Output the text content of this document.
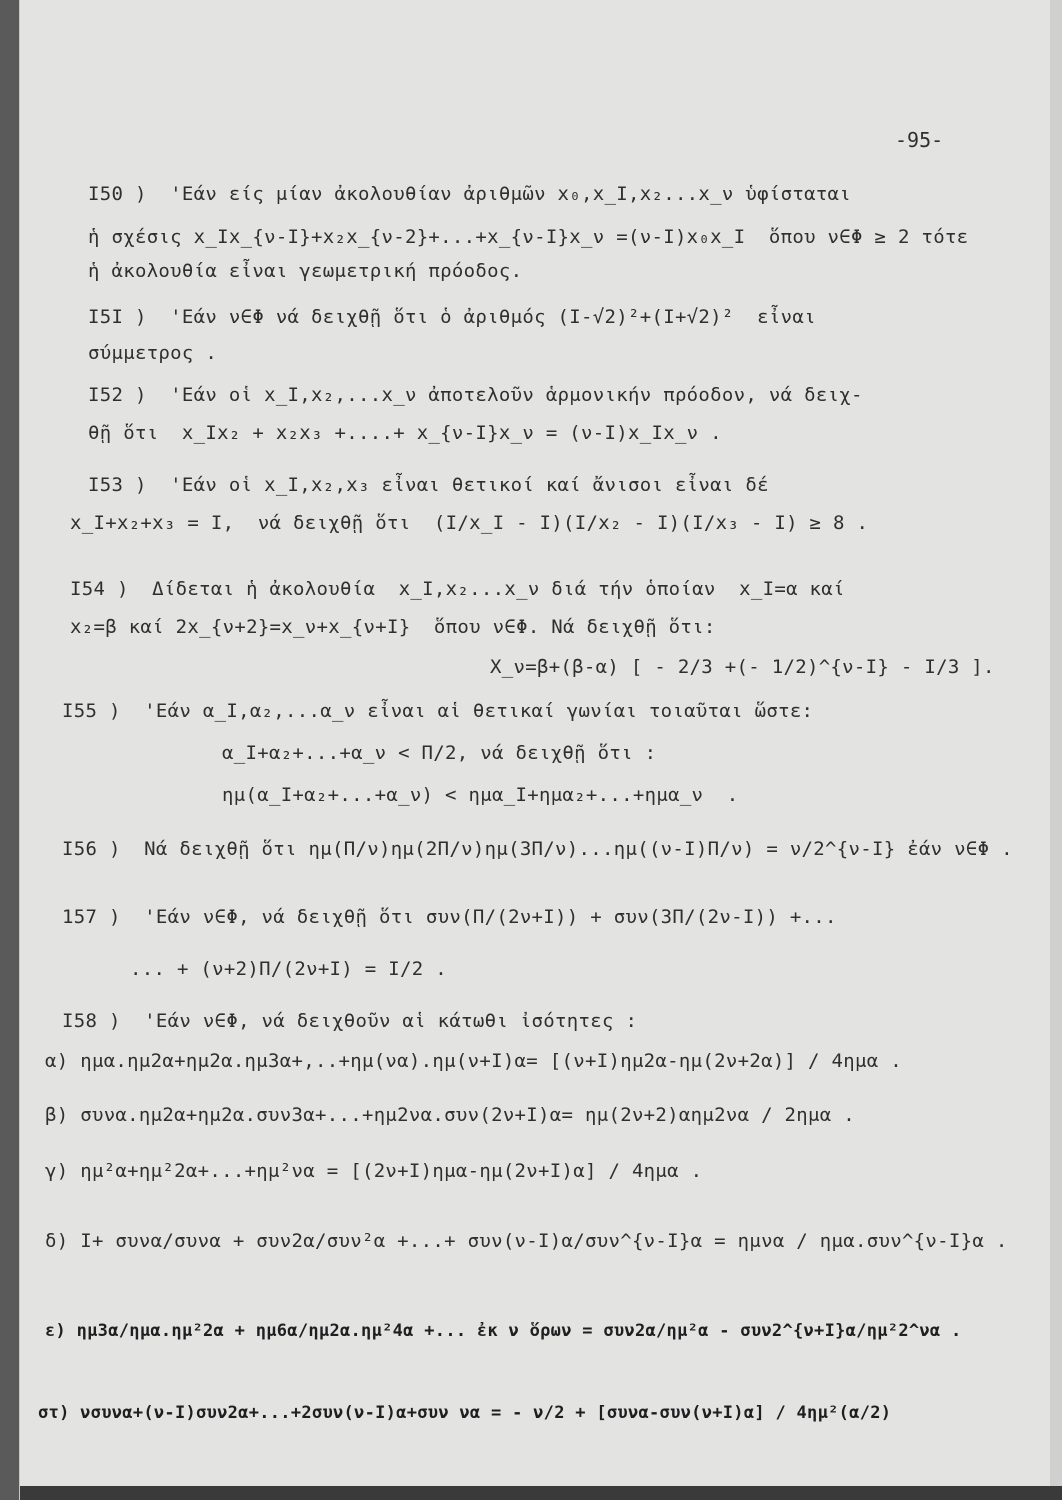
-95-
I50 )  'Εάν είς μίαν ἀκολουθίαν ἀριθμῶν x₀,x_I,x₂...x_ν ὑφίσταται
ἡ σχέσις x_Ix_{ν-I}+x₂x_{ν-2}+...+x_{ν-I}x_ν =(ν-I)x₀x_I  ὅπου ν∈Φ ≥ 2 τότε
ἡ ἀκολουθία εἶναι γεωμετρική πρόοδος.
I5I )  'Εάν ν∈Φ νά δειχθῇ ὅτι ὁ ἀριθμός (I-√2)²+(I+√2)²  εἶναι
σύμμετρος .
I52 )  'Εάν οἱ x_I,x₂,...x_ν ἀποτελοῦν ἁρμονικήν πρόοδον, νά δειχ-
θῇ ὅτι  x_Ix₂ + x₂x₃ +....+ x_{ν-I}x_ν = (ν-I)x_Ix_ν .
I53 )  'Εάν οἱ x_I,x₂,x₃ εἶναι θετικοί καί ἄνισοι εἶναι δέ
x_I+x₂+x₃ = I,  νά δειχθῇ ὅτι  (I/x_I - I)(I/x₂ - I)(I/x₃ - I) ≥ 8 .
I54 )  Δίδεται ἡ ἀκολουθία  x_I,x₂...x_ν διά τήν ὁποίαν  x_I=α καί
x₂=β καί 2x_{ν+2}=x_ν+x_{ν+I}  ὅπου ν∈Φ. Νά δειχθῇ ὅτι:
X_ν=β+(β-α) [ - 2/3 +(- 1/2)^{ν-I} - I/3 ].
I55 )  'Εάν α_I,α₂,...α_ν εἶναι αἱ θετικαί γωνίαι τοιαῦται ὥστε:
α_I+α₂+...+α_ν < Π/2, νά δειχθῇ ὅτι :
ημ(α_I+α₂+...+α_ν) < ημα_I+ημα₂+...+ημα_ν  .
I56 )  Νά δειχθῇ ὅτι ημ(Π/ν)ημ(2Π/ν)ημ(3Π/ν)...ημ((ν-I)Π/ν) = ν/2^{ν-I} ἐάν ν∈Φ .
157 )  'Εάν ν∈Φ, νά δειχθῇ ὅτι συν(Π/(2ν+I)) + συν(3Π/(2ν-I)) +...
... + (ν+2)Π/(2ν+I) = I/2 .
I58 )  'Εάν ν∈Φ, νά δειχθοῦν αἱ κάτωθι ἰσότητες :
α) ημα.ημ2α+ημ2α.ημ3α+,..+ημ(να).ημ(ν+I)α= [(ν+I)ημ2α-ημ(2ν+2α)] / 4ημα .
β) συνα.ημ2α+ημ2α.συν3α+...+ημ2να.συν(2ν+I)α= ημ(2ν+2)αημ2να / 2ημα .
γ) ημ²α+ημ²2α+...+ημ²να = [(2ν+I)ημα-ημ(2ν+I)α] / 4ημα .
δ) I+ συνα/συνα + συν2α/συν²α +...+ συν(ν-I)α/συν^{ν-I}α = ημνα / ημα.συν^{ν-I}α .
ε) ημ3α/ημα.ημ²2α + ημ6α/ημ2α.ημ²4α +... ἐκ ν ὅρων = συν2α/ημ²α - συν2^{ν+I}α/ημ²2^να .
στ) νσυνα+(ν-I)συν2α+...+2συν(ν-I)α+συν να = - ν/2 + [συνα-συν(ν+I)α] / 4ημ²(α/2)
